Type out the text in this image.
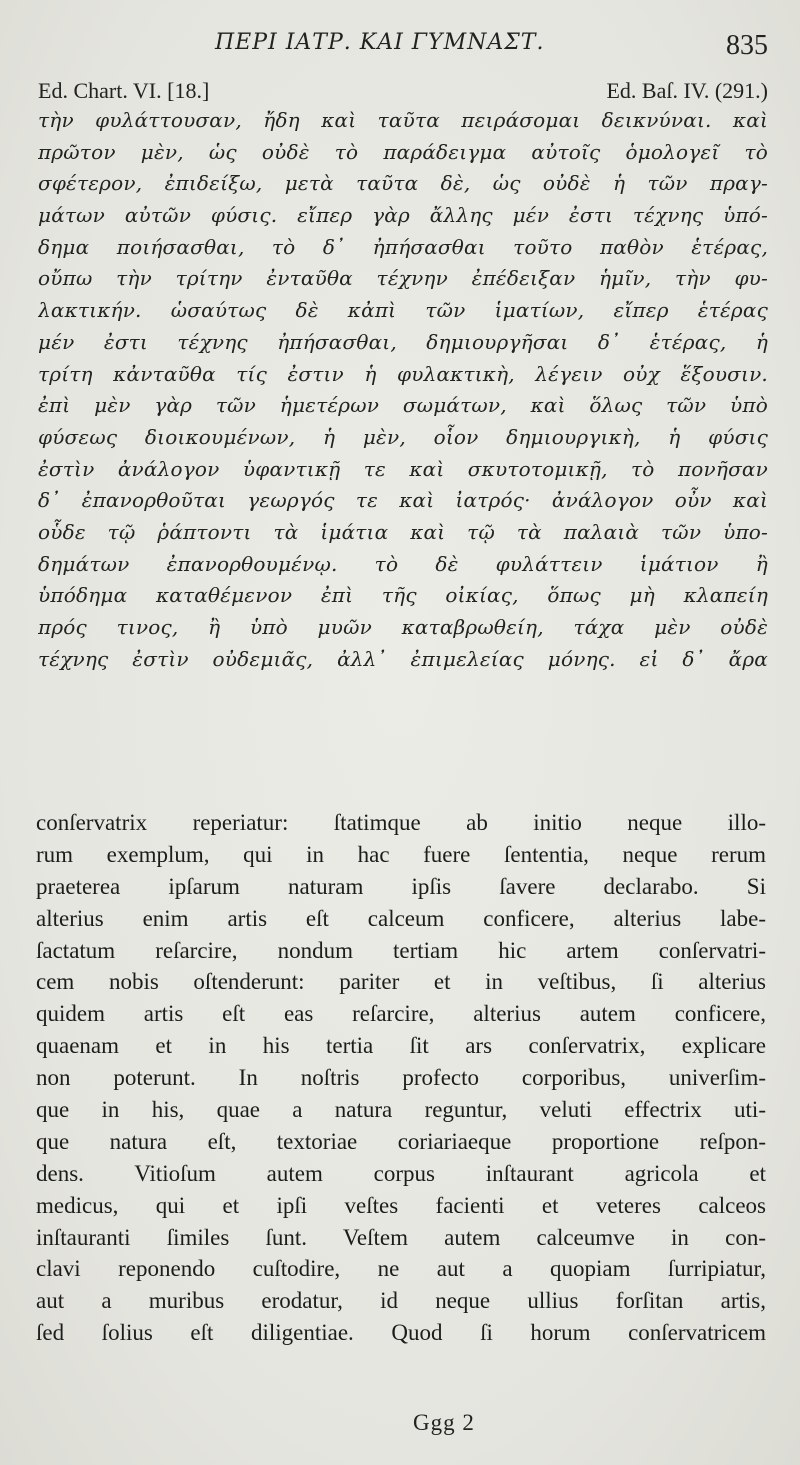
ΠΕΡΙ ΙΑΤΡ. ΚΑΙ ΓΥΜΝΑΣΤ.	835
Ed. Chart. VI. [18.]	Ed. Baſ. IV. (291.)
τὴν φυλάττουσαν, ἤδη καὶ ταῦτα πειράσομαι δεικνύναι. καὶ
πρῶτον μὲν, ὡς οὐδὲ τὸ παράδειγμα αὐτοῖς ὁμολογεῖ τὸ
σφέτερον, ἐπιδείξω, μετὰ ταῦτα δὲ, ὡς οὐδὲ ἡ τῶν πραγ-
μάτων αὐτῶν φύσις. εἴπερ γὰρ ἄλλης μέν ἐστι τέχνης ὑπό-
δημα ποιήσασθαι, τὸ δ᾽ ἠπήσασθαι τοῦτο παθὸν ἑτέρας,
οὔπω τὴν τρίτην ἐνταῦθα τέχνην ἐπέδειξαν ἡμῖν, τὴν φυ-
λακτικήν. ὡσαύτως δὲ κἀπὶ τῶν ἱματίων, εἴπερ ἑτέρας
μέν ἐστι τέχνης ἠπήσασθαι, δημιουργῆσαι δ᾽ ἑτέρας, ἡ
τρίτη κἀνταῦθα τίς ἐστιν ἡ φυλακτικὴ, λέγειν οὐχ ἕξουσιν.
ἐπὶ μὲν γὰρ τῶν ἡμετέρων σωμάτων, καὶ ὅλως τῶν ὑπὸ
φύσεως διοικουμένων, ἡ μὲν, οἷον δημιουργικὴ, ἡ φύσις
ἐστὶν ἀνάλογον ὑφαντικῇ τε καὶ σκυτοτομικῇ, τὸ πονῆσαν
δ᾽ ἐπανορθοῦται γεωργός τε καὶ ἰατρός· ἀνάλογον οὖν καὶ
οὗδε τῷ ῥάπτοντι τὰ ἱμάτια καὶ τῷ τὰ παλαιὰ τῶν ὑπο-
δημάτων ἐπανορθουμένῳ. τὸ δὲ φυλάττειν ἱμάτιον ἢ
ὑπόδημα καταθέμενον ἐπὶ τῆς οἰκίας, ὅπως μὴ κλαπείη
πρός τινος, ἢ ὑπὸ μυῶν καταβρωθείη, τάχα μὲν οὐδὲ
τέχνης ἐστὶν οὐδεμιᾶς, ἀλλ᾽ ἐπιμελείας μόνης. εἰ δ᾽ ἄρα
conſervatrix reperiatur: ſtatimque ab initio neque illo-
rum exemplum, qui in hac fuere ſententia, neque rerum
praeterea ipſarum naturam ipſis ſavere declarabo. Si
alterius enim artis eſt calceum conficere, alterius labe-
ſactatum reſarcire, nondum tertiam hic artem conſervatri-
cem nobis oſtenderunt: pariter et in veſtibus, ſi alterius
quidem artis eſt eas reſarcire, alterius autem conficere,
quaenam et in his tertia ſit ars conſervatrix, explicare
non poterunt. In noſtris profecto corporibus, univerſim-
que in his, quae a natura reguntur, veluti effectrix uti-
que natura eſt, textoriae coriariaeque proportione reſpon-
dens. Vitioſum autem corpus inſtaurant agricola et
medicus, qui et ipſi veſtes facienti et veteres calceos
inſtauranti ſimiles ſunt. Veſtem autem calceumve in con-
clavi reponendo cuſtodire, ne aut a quopiam ſurripiatur,
aut a muribus erodatur, id neque ullius forſitan artis,
ſed ſolius eſt diligentiae. Quod ſi horum conſervatricem
Ggg 2
